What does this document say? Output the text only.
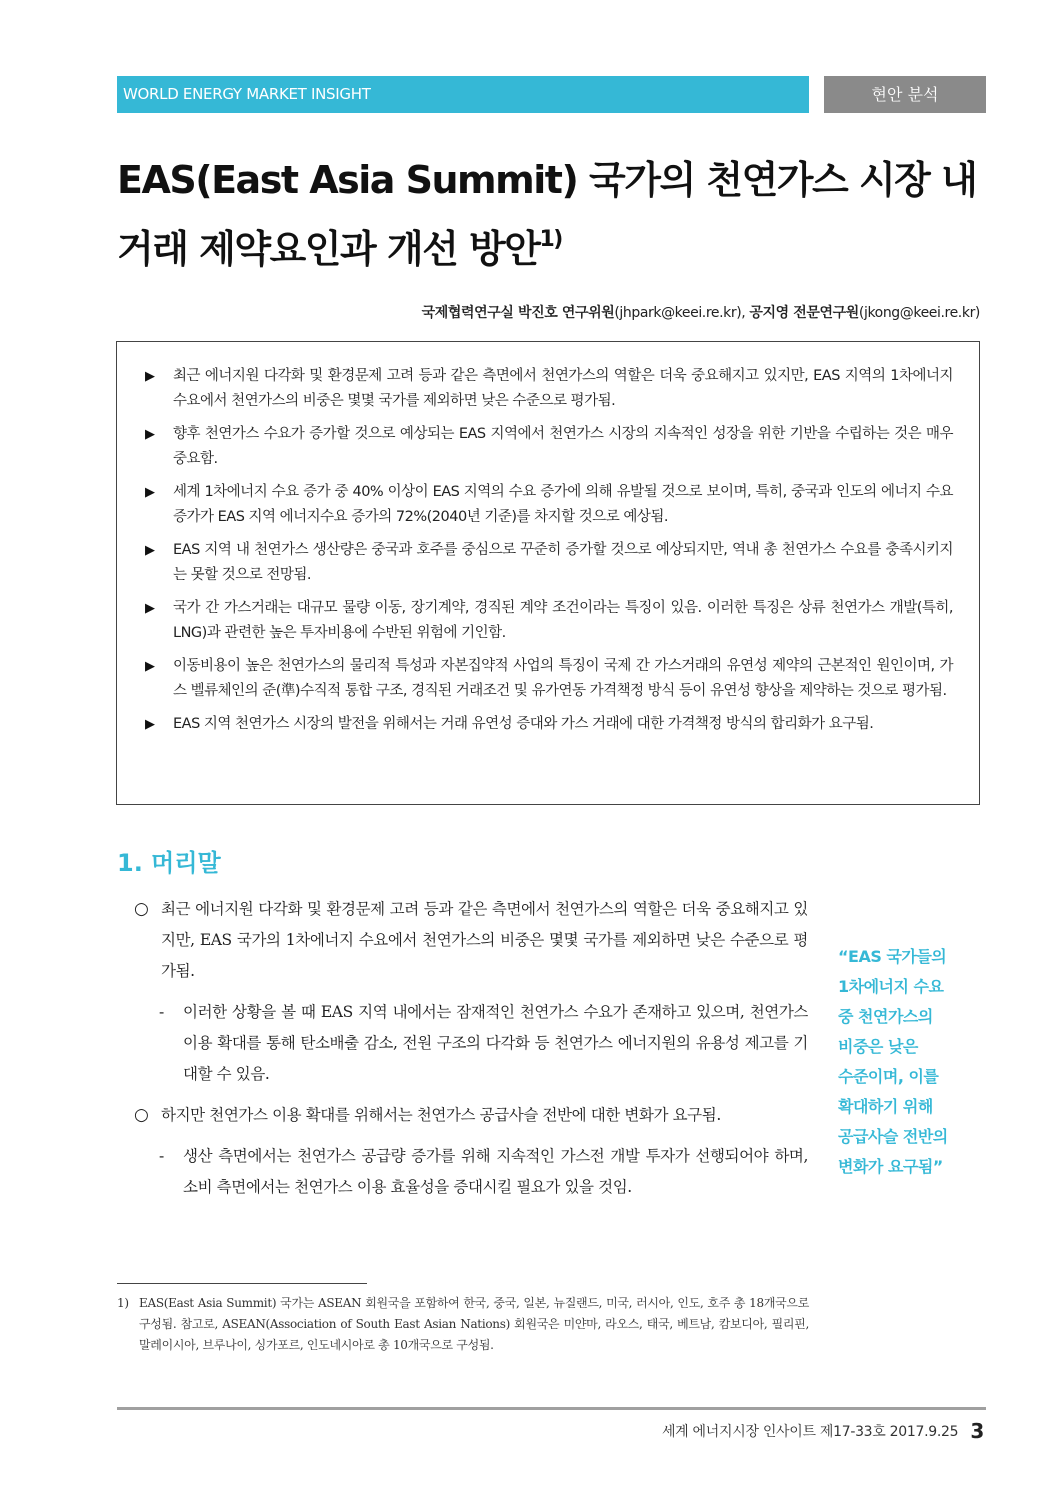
WORLD ENERGY MARKET INSIGHT	현안 분석
EAS(East Asia Summit) 국가의 천연가스 시장 내
거래 제약요인과 개선 방안$^{1)}$
국제협력연구실 박진호 연구위원(jhpark@keei.re.kr), 공지영 전문연구원(jkong@keei.re.kr)
▶ 최근 에너지원 다각화 및 환경문제 고려 등과 같은 측면에서 천연가스의 역할은 더욱 중요해지고 있지만, EAS 지역의 1차에너지 수요에서 천연가스의 비중은 몇몇 국가를 제외하면 낮은 수준으로 평가됨.
▶ 향후 천연가스 수요가 증가할 것으로 예상되는 EAS 지역에서 천연가스 시장의 지속적인 성장을 위한 기반을 수립하는 것은 매우 중요함.
▶ 세계 1차에너지 수요 증가 중 40% 이상이 EAS 지역의 수요 증가에 의해 유발될 것으로 보이며, 특히, 중국과 인도의 에너지 수요 증가가 EAS 지역 에너지수요 증가의 72%(2040년 기준)를 차지할 것으로 예상됨.
▶ EAS 지역 내 천연가스 생산량은 중국과 호주를 중심으로 꾸준히 증가할 것으로 예상되지만, 역내 총 천연가스 수요를 충족시키지는 못할 것으로 전망됨.
▶ 국가 간 가스거래는 대규모 물량 이동, 장기계약, 경직된 계약 조건이라는 특징이 있음. 이러한 특징은 상류 천연가스 개발(특히, LNG)과 관련한 높은 투자비용에 수반된 위험에 기인함.
▶ 이동비용이 높은 천연가스의 물리적 특성과 자본집약적 사업의 특징이 국제 간 가스거래의 유연성 제약의 근본적인 원인이며, 가스 벨류체인의 준(準)수직적 통합 구조, 경직된 거래조건 및 유가연동 가격책정 방식 등이 유연성 향상을 제약하는 것으로 평가됨.
▶ EAS 지역 천연가스 시장의 발전을 위해서는 거래 유연성 증대와 가스 거래에 대한 가격책정 방식의 합리화가 요구됨.
1. 머리말
○ 최근 에너지원 다각화 및 환경문제 고려 등과 같은 측면에서 천연가스의 역할은 더욱 중요해지고 있지만, EAS 국가의 1차에너지 수요에서 천연가스의 비중은 몇몇 국가를 제외하면 낮은 수준으로 평가됨.
- 이러한 상황을 볼 때 EAS 지역 내에서는 잠재적인 천연가스 수요가 존재하고 있으며, 천연가스 이용 확대를 통해 탄소배출 감소, 전원 구조의 다각화 등 천연가스 에너지원의 유용성 제고를 기대할 수 있음.
○ 하지만 천연가스 이용 확대를 위해서는 천연가스 공급사슬 전반에 대한 변화가 요구됨.
- 생산 측면에서는 천연가스 공급량 증가를 위해 지속적인 가스전 개발 투자가 선행되어야 하며, 소비 측면에서는 천연가스 이용 효율성을 증대시킬 필요가 있을 것임.
“EAS 국가들의
1차에너지 수요
중 천연가스의
비중은 낮은
수준이며, 이를
확대하기 위해
공급사슬 전반의
변화가 요구됨”
1) EAS(East Asia Summit) 국가는 ASEAN 회원국을 포함하여 한국, 중국, 일본, 뉴질랜드, 미국, 러시아, 인도, 호주 총 18개국으로 구성됨. 참고로, ASEAN(Association of South East Asian Nations) 회원국은 미얀마, 라오스, 태국, 베트남, 캄보디아, 필리핀, 말레이시아, 브루나이, 싱가포르, 인도네시아로 총 10개국으로 구성됨.
세계 에너지시장 인사이트 제17-33호 2017.9.25 3
